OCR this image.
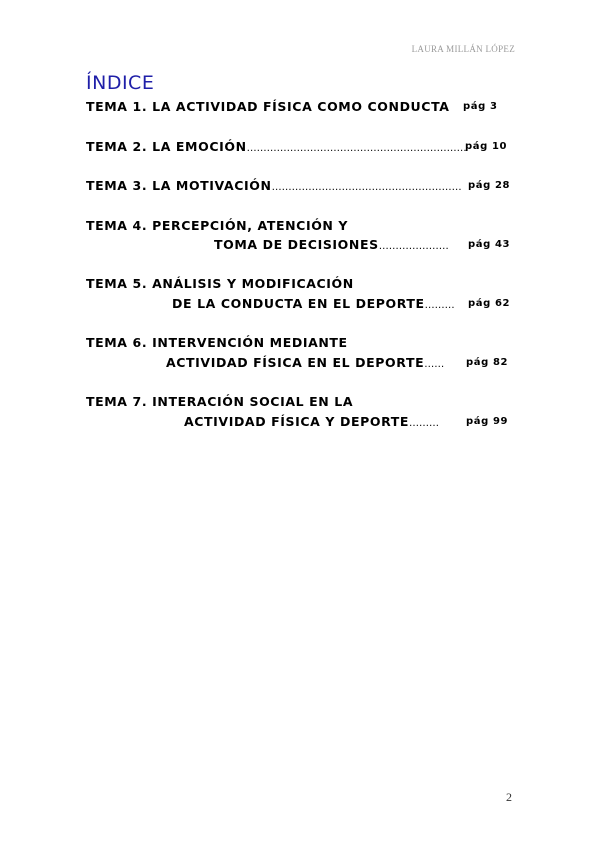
LAURA MILLÁN LÓPEZ
ÍNDICE
TEMA 1. LA ACTIVIDAD FÍSICA COMO CONDUCTA pág 3
TEMA 2. LA EMOCIÓN…………………………………………………………
pág 10
TEMA 3. LA MOTIVACIÓN………………………………………………… pág 28
TEMA 4. PERCEPCIÓN, ATENCIÓN Y
TOMA DE DECISIONES………………… pág 43
TEMA 5. ANÁLISIS Y MODIFICACIÓN
DE LA CONDUCTA EN EL DEPORTE……… pág 62
TEMA 6. INTERVENCIÓN MEDIANTE
ACTIVIDAD FÍSICA EN EL DEPORTE…… pág 82
TEMA 7. INTERACIÓN SOCIAL EN LA
ACTIVIDAD FÍSICA Y DEPORTE………	pág 99
2
